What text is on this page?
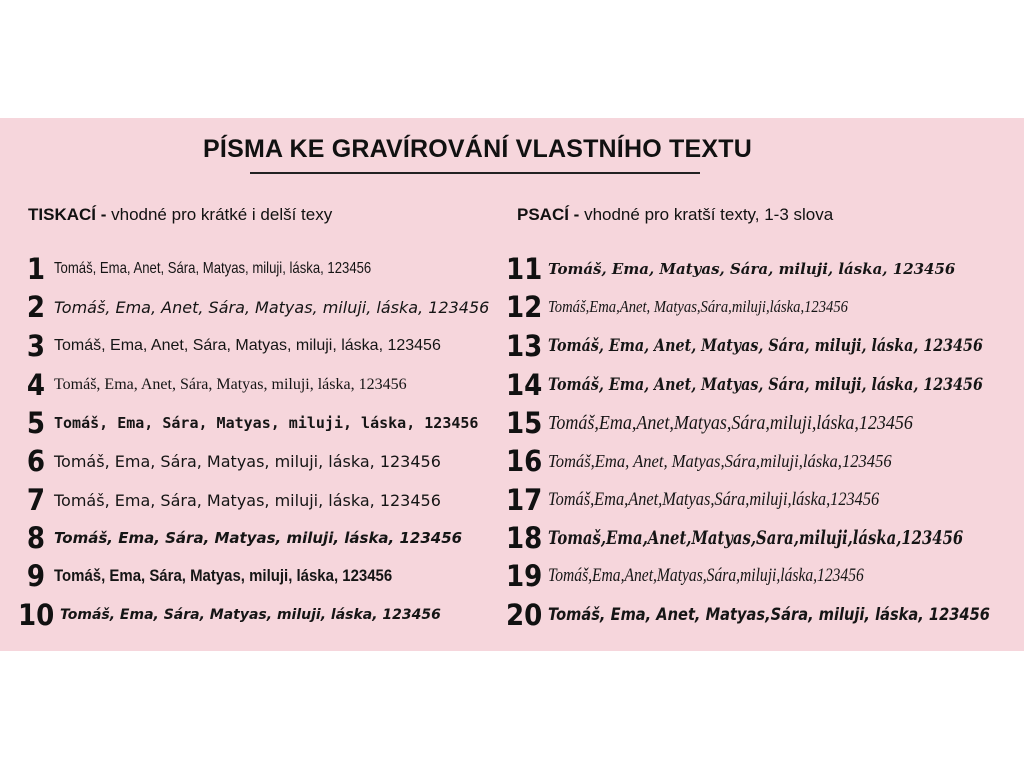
PÍSMA KE GRAVÍROVÁNÍ VLASTNÍHO TEXTU
TISKACÍ - vhodné pro krátké i delší texy	PSACÍ - vhodné pro kratší texty, 1-3 slova
1 Tomáš, Ema, Anet, Sára, Matyas, miluji, láska, 123456
2 Tomáš, Ema, Anet, Sára, Matyas, miluji, láska, 123456
3 Tomáš, Ema, Anet, Sára, Matyas, miluji, láska, 123456
4 Tomáš, Ema, Anet, Sára, Matyas, miluji, láska, 123456
5 Tomáš, Ema, Sára, Matyas, miluji, láska, 123456
6 Tomáš, Ema, Sára, Matyas, miluji, láska, 123456
7 Tomáš, Ema, Sára, Matyas, miluji, láska, 123456
8 Tomáš, Ema, Sára, Matyas, miluji, láska, 123456
9 Tomáš, Ema, Sára, Matyas, miluji, láska, 123456
10 Tomáš, Ema, Sára, Matyas, miluji, láska, 123456
11 Tomáš, Ema, Matyas, Sára, miluji, láska, 123456
12 Tomáš,Ema,Anet, Matyas,Sára,miluji,láska,123456
13 Tomáš, Ema, Anet, Matyas, Sára, miluji, láska, 123456
14 Tomáš, Ema, Anet, Matyas, Sára, miluji, láska, 123456
15 Tomáš,Ema,Anet,Matyas,Sára,miluji,láska,123456
16 Tomáš,Ema, Anet, Matyas,Sára,miluji,láska,123456
17 Tomáš,Ema,Anet,Matyas,Sára,miluji,láska,123456
18 Tomaš,Ema,Anet,Matyas,Sara,miluji,láska,123456
19 Tomáš,Ema,Anet,Matyas,Sára,miluji,láska,123456
20 Tomáš, Ema, Anet, Matyas,Sára, miluji, láska, 123456
